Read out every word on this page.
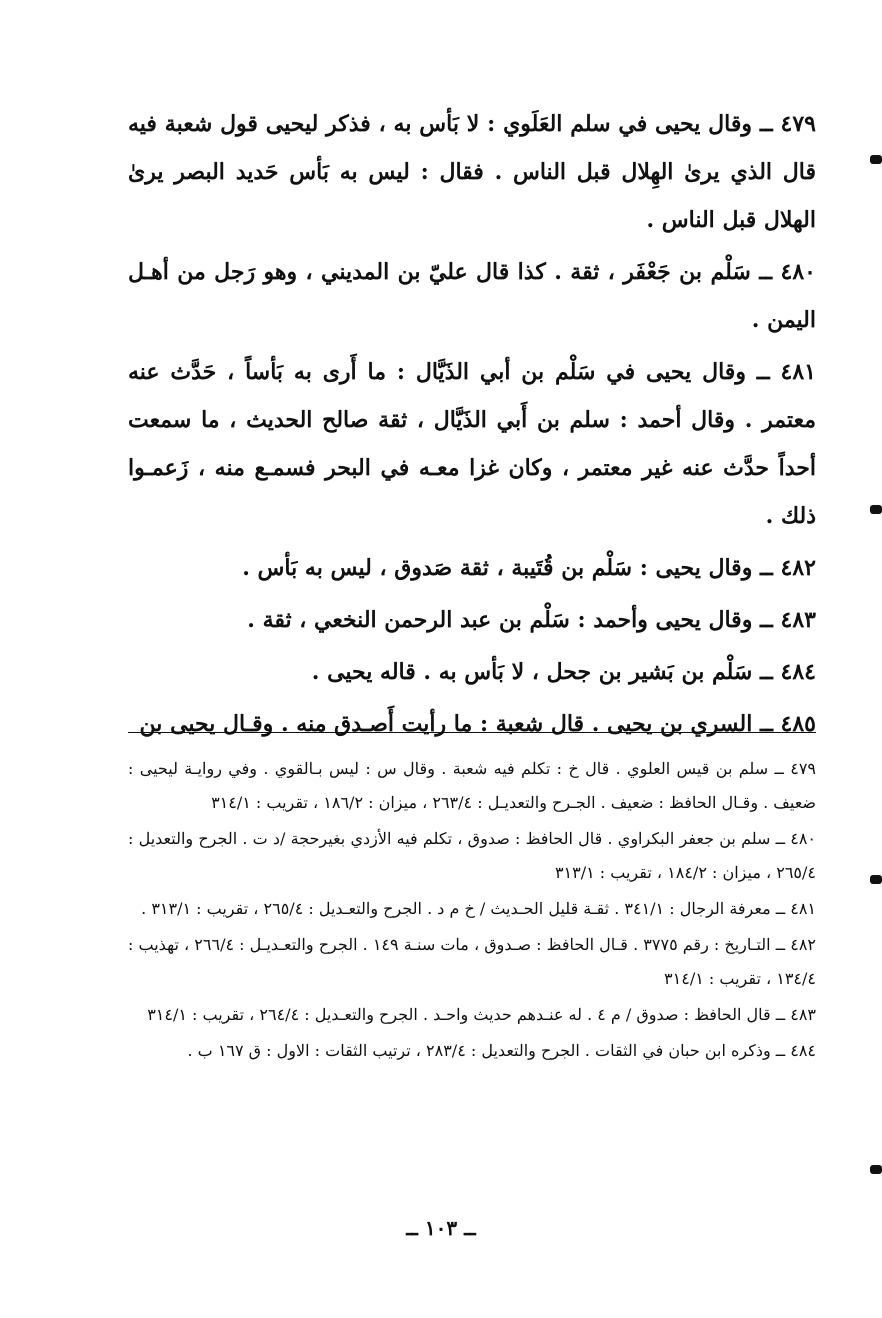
٤٧٩ ــ وقال يحيى في سلم العَلَوي : لا بَأس به ، فذكر ليحيى قول شعبة فيه قال الذي يرىٰ الهِلال قبل الناس . فقال : ليس به بَأس حَديد البصر يرىٰ الهلال قبل الناس .

٤٨٠ ــ سَلْم بن جَعْفَر ، ثقة . كذا قال عليّ بن المديني ، وهو رَجل من أهـل اليمن .

٤٨١ ــ وقال يحيى في سَلْم بن أبي الذَيَّال : ما أَرى به بَأساً ، حَدَّث عنه معتمر . وقال أحمد : سلم بن أَبي الذَيَّال ، ثقة صالح الحديث ، ما سمعت أحداً حدَّث عنه غير معتمر ، وكان غزا معـه في البحر فسمـع منه ، زَعمـوا ذلك .

٤٨٢ ــ وقال يحيى : سَلْم بن قُتَيبة ، ثقة صَدوق ، ليس به بَأس .

٤٨٣ ــ وقال يحيى وأحمد : سَلْم بن عبد الرحمن النخعي ، ثقة .

٤٨٤ ــ سَلْم بن بَشير بن جحل ، لا بَأس به . قاله يحيى .

٤٨٥ ــ السري بن يحيى . قال شعبة : ما رأيت أَصـدق منه . وقـال يحيى بن

٤٧٩ ــ سلم بن قيس العلوي . قال خ : تكلم فيه شعبة . وقال س : ليس بـالقوي . وفي روايـة ليحيى : ضعيف . وقـال الحافظ : ضعيف . الجـرح والتعديـل : ٢٦٣/٤ ، ميزان : ١٨٦/٢ ، تقريب : ٣١٤/١

٤٨٠ ــ سلم بن جعفر البكراوي . قال الحافظ : صدوق ، تكلم فيه الأزدي بغيرحجة /د ت . الجرح والتعديل : ٢٦٥/٤ ، ميزان : ١٨٤/٢ ، تقريب : ٣١٣/١

٤٨١ ــ معرفة الرجال : ٣٤١/١ . ثقـة قليل الحـديث / خ م د . الجرح والتعـديل : ٢٦٥/٤ ، تقريب : ٣١٣/١ .

٤٨٢ ــ التـاريخ : رقم ٣٧٧٥ . قـال الحافظ : صـدوق ، مات سنـة ١٤٩ . الجرح والتعـديـل : ٢٦٦/٤ ، تهذيب : ١٣٤/٤ ، تقريب : ٣١٤/١

٤٨٣ ــ قال الحافظ : صدوق / م ٤ . له عنـدهم حديث واحـد . الجرح والتعـديل : ٢٦٤/٤ ، تقريب : ٣١٤/١

٤٨٤ ــ وذكره ابن حبان في الثقات . الجرح والتعديل : ٢٨٣/٤ ، ترتيب الثقات : الاول : ق ١٦٧ ب .

ــ ١٠٣ ــ
